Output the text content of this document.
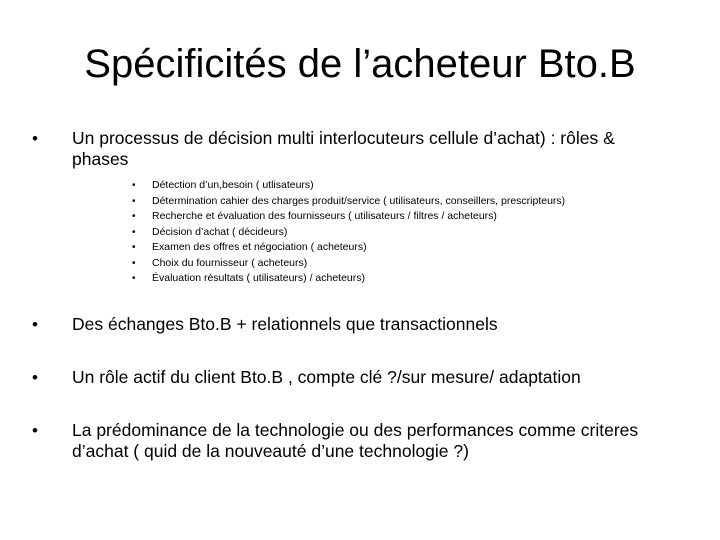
Spécificités de l’acheteur Bto.B
• Un processus de décision multi interlocuteurs cellule d’achat) : rôles & phases
• Détection d’un,besoin ( utlisateurs)
• Détermination cahier des charges produit/service ( utilisateurs, conseillers, prescripteurs)
• Recherche et évaluation des fournisseurs ( utilisateurs / filtres / acheteurs)
• Décision d’achat ( décideurs)
• Examen des offres et négociation ( acheteurs)
• Choix du fournisseur ( acheteurs)
• Évaluation résultats ( utilisateurs) / acheteurs)
• Des échanges Bto.B + relationnels que transactionnels
• Un rôle actif du client Bto.B , compte clé ?/sur mesure/ adaptation
• La prédominance de la technologie ou des performances comme criteres d’achat ( quid de la nouveauté d’une technologie ?)
